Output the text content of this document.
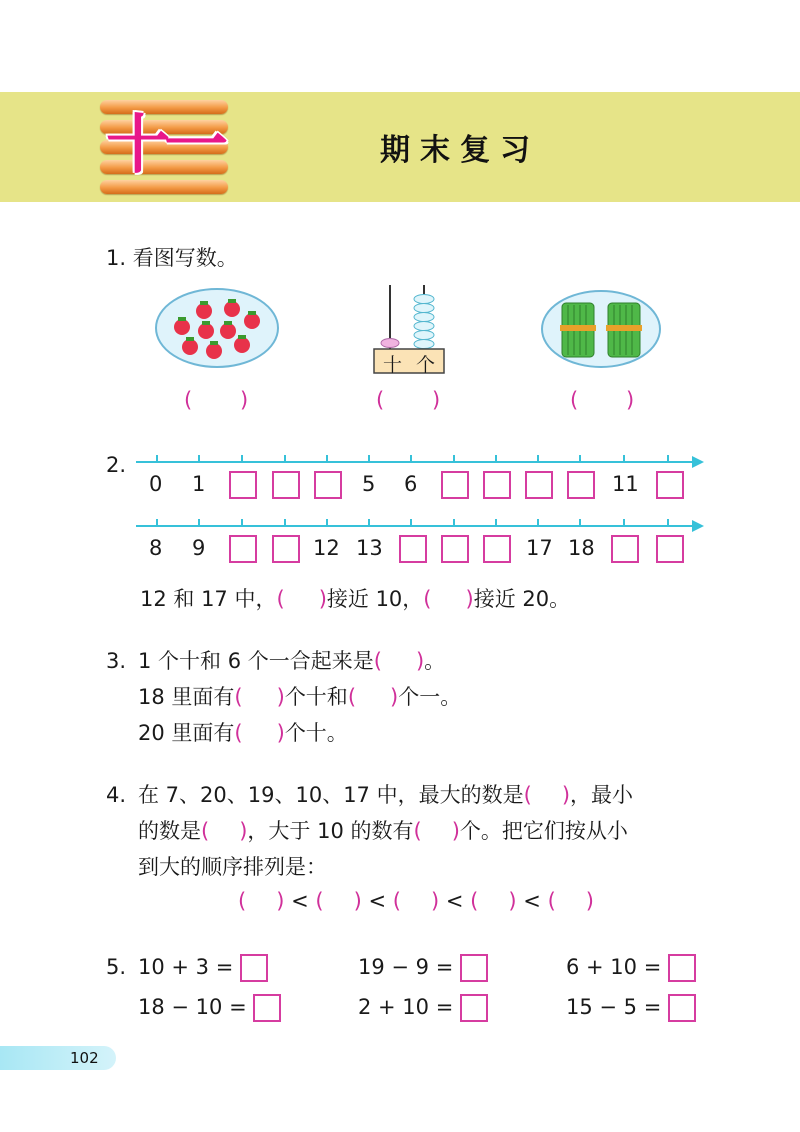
十一	期末复习
1. 看图写数。
十 个
( )	( )	( )
2.
0 1	5 6	11
8 9	12 13	17 18
12 和 17 中，( )接近 10，( )接近 20。
3. 1 个十和 6 个一合起来是( )。
18 里面有( )个十和( )个一。
20 里面有( )个十。
4. 在 7、20、19、10、17 中，最大的数是( )，最小
的数是( )，大于 10 的数有( )个。把它们按从小
到大的顺序排列是：
( ) < ( ) < ( ) < ( ) < ( )
5. 10 + 3 =	19 − 9 =	6 + 10 =
18 − 10 =	2 + 10 =	15 − 5 =
102
